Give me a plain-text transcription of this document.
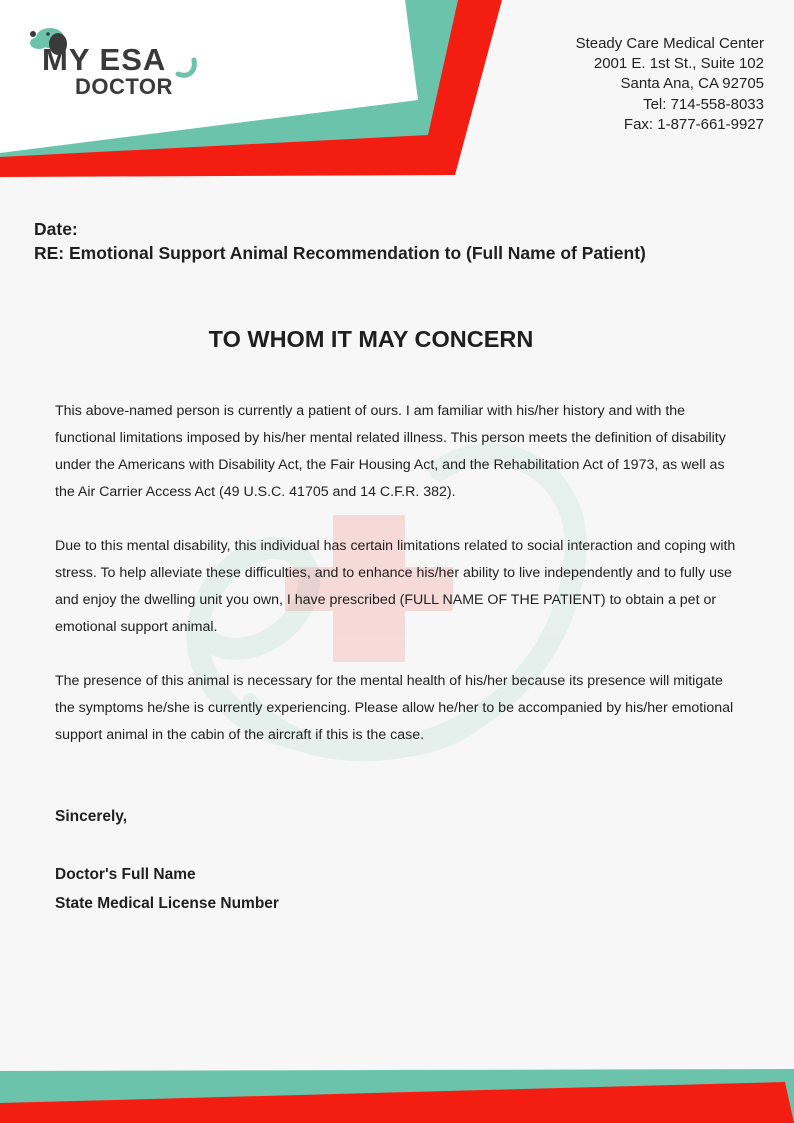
MY ESA
DOCTOR
Steady Care Medical Center
2001 E. 1st St., Suite 102
Santa Ana, CA 92705
Tel: 714-558-8033
Fax: 1-877-661-9927
Date:
RE: Emotional Support Animal Recommendation to (Full Name of Patient)
TO WHOM IT MAY CONCERN
This above-named person is currently a patient of ours. I am familiar with his/her history and with the functional limitations imposed by his/her mental related illness. This person meets the definition of disability under the Americans with Disability Act, the Fair Housing Act, and the Rehabilitation Act of 1973, as well as the Air Carrier Access Act (49 U.S.C. 41705 and 14 C.F.R. 382).
Due to this mental disability, this individual has certain limitations related to social interaction and coping with stress. To help alleviate these difficulties, and to enhance his/her ability to live independently and to fully use and enjoy the dwelling unit you own, I have prescribed (FULL NAME OF THE PATIENT) to obtain a pet or emotional support animal.
The presence of this animal is necessary for the mental health of his/her because its presence will mitigate the symptoms he/she is currently experiencing. Please allow he/her to be accompanied by his/her emotional support animal in the cabin of the aircraft if this is the case.
Sincerely,
Doctor's Full Name
State Medical License Number
